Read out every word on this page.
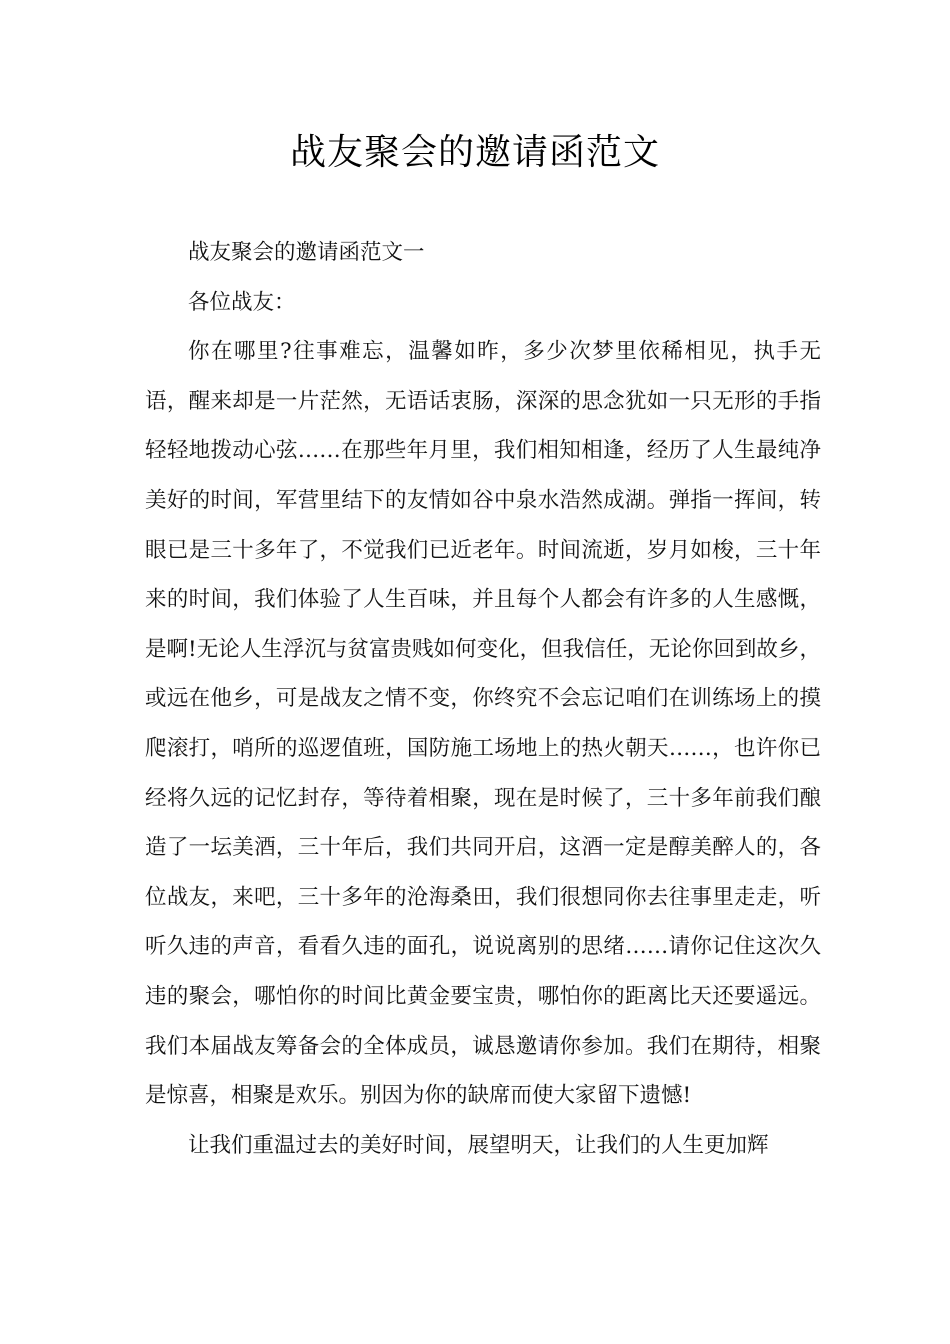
战友聚会的邀请函范文

战友聚会的邀请函范文一

各位战友：

你在哪里?往事难忘，温馨如昨，多少次梦里依稀相见，执手无语，醒来却是一片茫然，无语话衷肠，深深的思念犹如一只无形的手指轻轻地拨动心弦……在那些年月里，我们相知相逢，经历了人生最纯净美好的时间，军营里结下的友情如谷中泉水浩然成湖。弹指一挥间，转眼已是三十多年了，不觉我们已近老年。时间流逝，岁月如梭，三十年来的时间，我们体验了人生百味，并且每个人都会有许多的人生感慨，是啊!无论人生浮沉与贫富贵贱如何变化，但我信任，无论你回到故乡，或远在他乡，可是战友之情不变，你终究不会忘记咱们在训练场上的摸爬滚打，哨所的巡逻值班，国防施工场地上的热火朝天……，也许你已经将久远的记忆封存，等待着相聚，现在是时候了，三十多年前我们酿造了一坛美酒，三十年后，我们共同开启，这酒一定是醇美醉人的，各位战友，来吧，三十多年的沧海桑田，我们很想同你去往事里走走，听听久违的声音，看看久违的面孔，说说离别的思绪……请你记住这次久违的聚会，哪怕你的时间比黄金要宝贵，哪怕你的距离比天还要遥远。我们本届战友筹备会的全体成员，诚恳邀请你参加。我们在期待，相聚是惊喜，相聚是欢乐。别因为你的缺席而使大家留下遗憾!

让我们重温过去的美好时间，展望明天，让我们的人生更加辉
